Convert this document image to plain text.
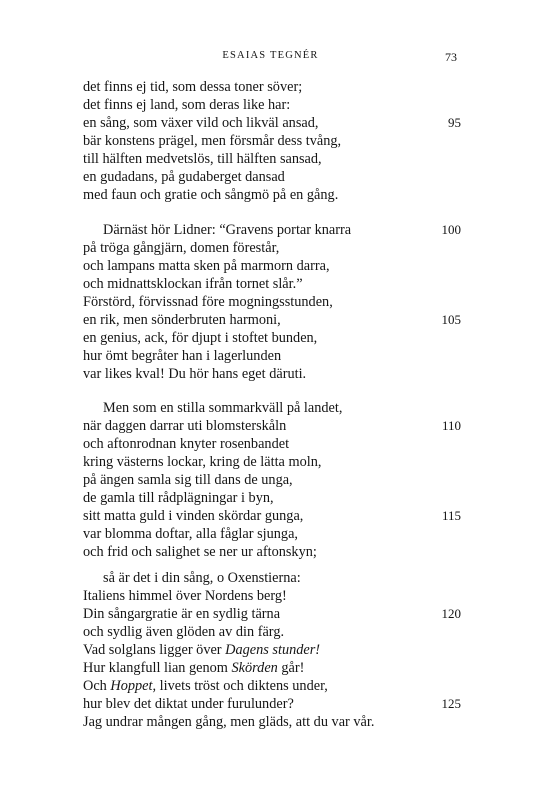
ESAIAS TEGNÉR	73
det finns ej tid, som dessa toner söver;
det finns ej land, som deras like har:
en sång, som växer vild och likväl ansad,	95
bär konstens prägel, men försmår dess tvång,
till hälften medvetslös, till hälften sansad,
en gudadans, på gudaberget dansad
med faun och gratie och sångmö på en gång.
Därnäst hör Lidner: “Gravens portar knarra	100
på tröga gångjärn, domen förestår,
och lampans matta sken på marmorn darra,
och midnattsklockan ifrån tornet slår.”
Förstörd, förvissnad före mogningsstunden,
en rik, men sönderbruten harmoni,	105
en genius, ack, för djupt i stoftet bunden,
hur ömt begråter han i lagerlunden
var likes kval! Du hör hans eget däruti.
Men som en stilla sommarkväll på landet,
när daggen darrar uti blomsterskåln	110
och aftonrodnan knyter rosenbandet
kring västerns lockar, kring de lätta moln,
på ängen samla sig till dans de unga,
de gamla till rådplägningar i byn,
sitt matta guld i vinden skördar gunga,	115
var blomma doftar, alla fåglar sjunga,
och frid och salighet se ner ur aftonskyn;
så är det i din sång, o Oxenstierna:
Italiens himmel över Nordens berg!
Din sångargratie är en sydlig tärna	120
och sydlig även glöden av din färg.
Vad solglans ligger över Dagens stunder!
Hur klangfull lian genom Skörden går!
Och Hoppet, livets tröst och diktens under,
hur blev det diktat under furulunder?	125
Jag undrar mången gång, men gläds, att du var vår.
